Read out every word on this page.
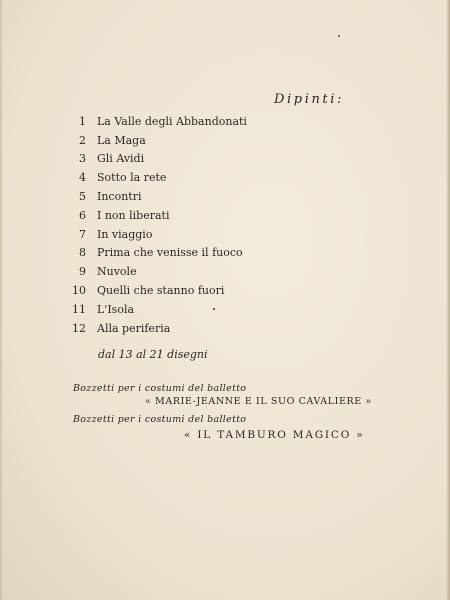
Dipinti:
1 La Valle degli Abbandonati
2 La Maga
3 Gli Avidi
4 Sotto la rete
5 Incontri
6 I non liberati
7 In viaggio
8 Prima che venisse il fuoco
9 Nuvole
10 Quelli che stanno fuori
11 L'Isola
12 Alla periferia
dal 13 al 21 disegni
Bozzetti per i costumi del balletto
« MARIE-JEANNE E IL SUO CAVALIERE »
Bozzetti per i costumi del balletto
« IL TAMBURO MAGICO »
